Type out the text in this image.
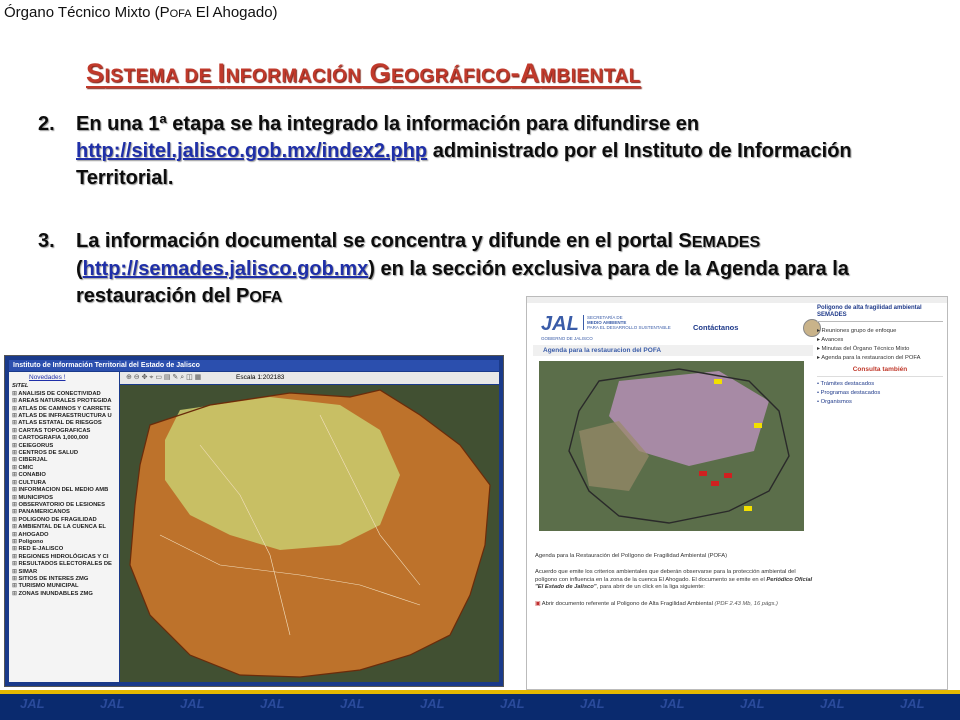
Órgano Técnico Mixto (POFA El Ahogado)
SISTEMA DE INFORMACIÓN GEOGRÁFICO-AMBIENTAL
2. En una 1ª etapa se ha integrado la información para difundirse en http://sitel.jalisco.gob.mx/index2.php administrado por el Instituto de Información Territorial.
3. La información documental se concentra y difunde en el portal SEMADES (http://semades.jalisco.gob.mx) en la sección exclusiva para de la Agenda para la restauración del POFA
Instituto de Información Territorial del Estado de Jalisco
Novedades !
SITEL
⊞ ANALISIS DE CONECTIVIDAD
⊞ AREAS NATURALES PROTEGIDA
⊞ ATLAS DE CAMINOS Y CARRETE
⊞ ATLAS DE INFRAESTRUCTURA U
⊞ ATLAS ESTATAL DE RIESGOS
⊞ CARTAS TOPOGRAFICAS
⊞ CARTOGRAFIA 1,000,000
⊞ CEIEGORUS
⊞ CENTROS DE SALUD
⊞ CIBERJAL
⊞ CMIC
⊞ CONABIO
⊞ CULTURA
⊞ INFORMACION DEL MEDIO AMB
⊞ MUNICIPIOS
⊞ OBSERVATORIO DE LESIONES
⊞ PANAMERICANOS
⊞ POLIGONO DE FRAGILIDAD
⊞ AMBIENTAL DE LA CUENCA EL
⊞ AHOGADO
⊞ Poligono
⊞ RED E-JALISCO
⊞ REGIONES HIDROLÓGICAS Y CI
⊞ RESULTADOS ELECTORALES DE
⊞ SIMAR
⊞ SITIOS DE INTERES ZMG
⊞ TURISMO MUNICIPAL
⊞ ZONAS INUNDABLES ZMG
⊕ ⊖ ✥ ⌖ ▭ ▤ ✎ ⌕ ◫ ▦	Escala 1:202183
JAL
GOBIERNO DE JALISCO
SECRETARÍA DE
MEDIO AMBIENTE
PARA EL DESARROLLO SUSTENTABLE	Contáctanos
Agenda para la restauracion del POFA
Poligono de alta fragilidad ambiental
SEMADES
▸ Reuniones grupo de enfoque
▸ Avances
▸ Minutas del Órgano Técnico Mixto
▸ Agenda para la restauracion del POFA
Consulta también
• Trámites destacados
• Programas destacados
• Organismos
Agenda para la Restauración del Polígono de Fragilidad Ambiental (POFA)
Acuerdo que emite los criterios ambientales que deberán observarse para la protección ambiental del polígono con influencia en la zona de la cuenca El Ahogado. El documento se emite en el Periódico Oficial "El Estado de Jalisco", para abrir de un click en la liga siguiente:
▣ Abrir documento referente al Poligono de Alta Fragilidad Ambiental (PDF 2.43 Mb, 16 págs.)
JAL	JAL	JAL	JAL	JAL	JAL	JAL	JAL	JAL	JAL	JAL	JAL
